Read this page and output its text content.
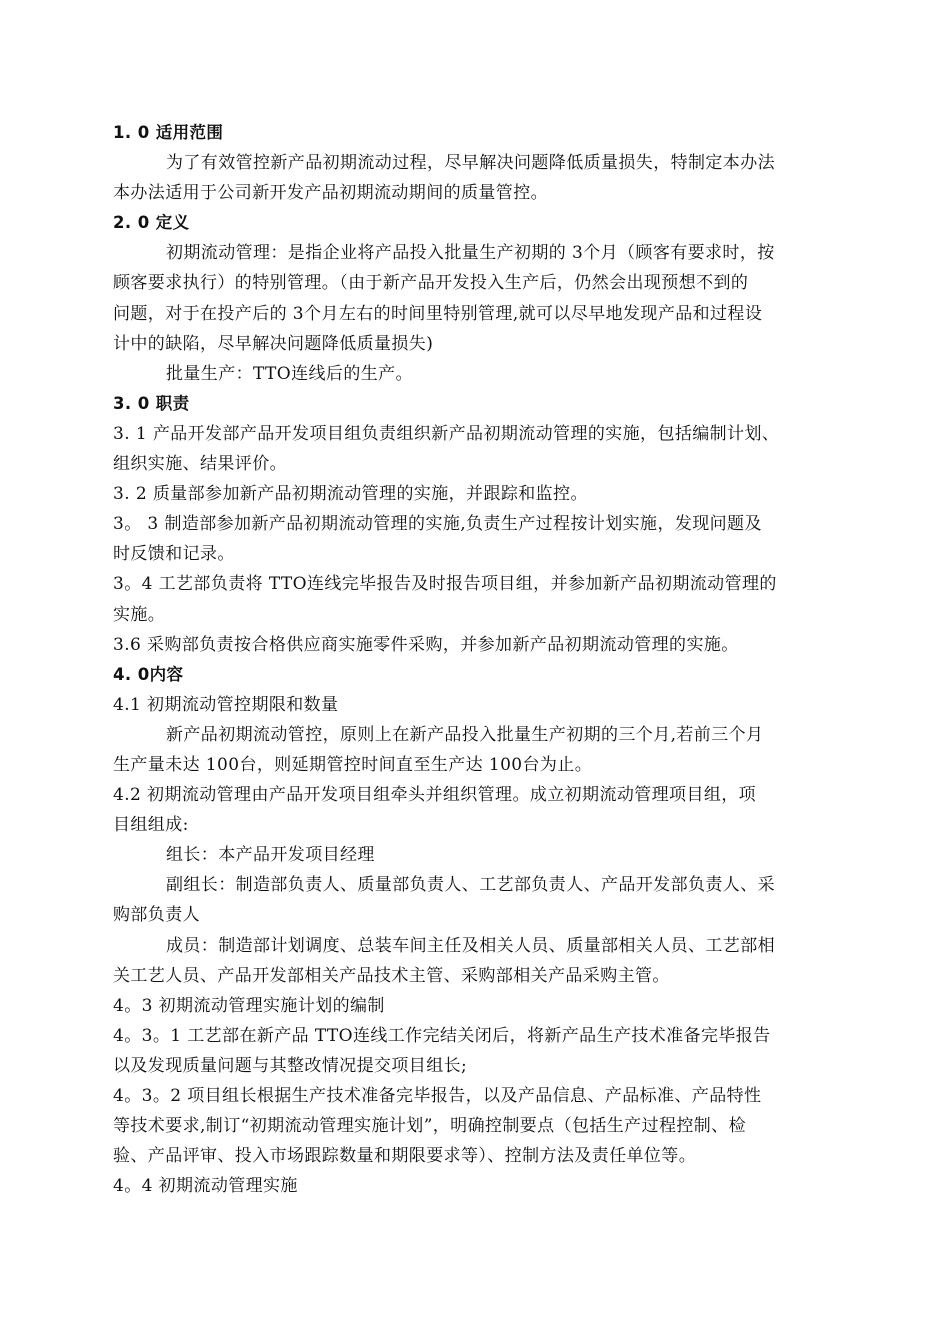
1. 0 适用范围
为了有效管控新产品初期流动过程，尽早解决问题降低质量损失，特制定本办法
本办法适用于公司新开发产品初期流动期间的质量管控。
2. 0 定义
初期流动管理：是指企业将产品投入批量生产初期的 3个月（顾客有要求时，按
顾客要求执行）的特别管理。（由于新产品开发投入生产后，仍然会出现预想不到的
问题，对于在投产后的 3个月左右的时间里特别管理,就可以尽早地发现产品和过程设
计中的缺陷，尽早解决问题降低质量损失)
批量生产：TTO连线后的生产。
3. 0 职责
3. 1 产品开发部产品开发项目组负责组织新产品初期流动管理的实施，包括编制计划、
组织实施、结果评价。
3. 2 质量部参加新产品初期流动管理的实施，并跟踪和监控。
3。 3 制造部参加新产品初期流动管理的实施,负责生产过程按计划实施，发现问题及
时反馈和记录。
3。4 工艺部负责将 TTO连线完毕报告及时报告项目组，并参加新产品初期流动管理的
实施。
3.6 采购部负责按合格供应商实施零件采购，并参加新产品初期流动管理的实施。
4. 0内容
4.1 初期流动管控期限和数量
新产品初期流动管控，原则上在新产品投入批量生产初期的三个月,若前三个月
生产量未达 100台，则延期管控时间直至生产达 100台为止。
4.2 初期流动管理由产品开发项目组牵头并组织管理。成立初期流动管理项目组，项
目组组成:
组长：本产品开发项目经理
副组长：制造部负责人、质量部负责人、工艺部负责人、产品开发部负责人、采
购部负责人
成员：制造部计划调度、总装车间主任及相关人员、质量部相关人员、工艺部相
关工艺人员、产品开发部相关产品技术主管、采购部相关产品采购主管。
4。3 初期流动管理实施计划的编制
4。3。1 工艺部在新产品 TTO连线工作完结关闭后，将新产品生产技术准备完毕报告
以及发现质量问题与其整改情况提交项目组长;
4。3。2 项目组长根据生产技术准备完毕报告，以及产品信息、产品标准、产品特性
等技术要求,制订“初期流动管理实施计划”，明确控制要点（包括生产过程控制、检
验、产品评审、投入市场跟踪数量和期限要求等）、控制方法及责任单位等。
4。4 初期流动管理实施
